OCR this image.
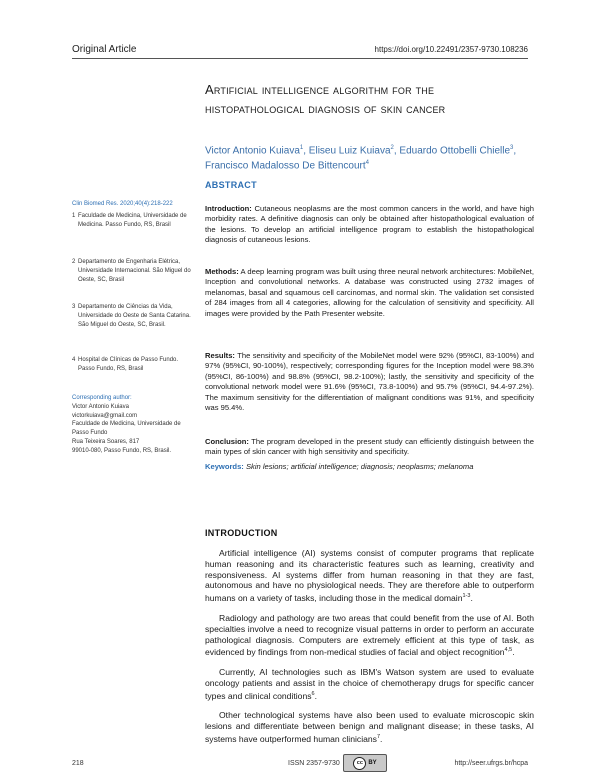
Original Article	https://doi.org/10.22491/2357-9730.108236
Artificial intelligence algorithm for the histopathological diagnosis of skin cancer
Victor Antonio Kuiava$^1$, Eliseu Luiz Kuiava$^2$, Eduardo Ottobelli Chielle$^3$, Francisco Madalosso De Bittencourt$^4$
ABSTRACT
Introduction: Cutaneous neoplasms are the most common cancers in the world, and have high morbidity rates. A definitive diagnosis can only be obtained after histopathological evaluation of the lesions. To develop an artificial intelligence program to establish the histopathological diagnosis of cutaneous lesions.
Methods: A deep learning program was built using three neural network architectures: MobileNet, Inception and convolutional networks. A database was constructed using 2732 images of melanomas, basal and squamous cell carcinomas, and normal skin. The validation set consisted of 284 images from all 4 categories, allowing for the calculation of sensitivity and specificity. All images were provided by the Path Presenter website.
Results: The sensitivity and specificity of the MobileNet model were 92% (95%CI, 83-100%) and 97% (95%CI, 90-100%), respectively; corresponding figures for the Inception model were 98.3% (95%CI, 86-100%) and 98.8% (95%CI, 98.2-100%); lastly, the sensitivity and specificity of the convolutional network model were 91.6% (95%CI, 73.8-100%) and 95.7% (95%CI, 94.4-97.2%). The maximum sensitivity for the differentiation of malignant conditions was 91%, and specificity was 95.4%.
Conclusion: The program developed in the present study can efficiently distinguish between the main types of skin cancer with high sensitivity and specificity.
Keywords: Skin lesions; artificial intelligence; diagnosis; neoplasms; melanoma
Clin Biomed Res. 2020;40(4):218-222
1 Faculdade de Medicina, Universidade de Medicina. Passo Fundo, RS, Brasil
2 Departamento de Engenharia Elétrica, Universidade Internacional. São Miguel do Oeste, SC, Brasil
3 Departamento de Ciências da Vida, Universidade do Oeste de Santa Catarina. São Miguel do Oeste, SC, Brasil.
4 Hospital de Clínicas de Passo Fundo. Passo Fundo, RS, Brasil
Corresponding author:
Victor Antonio Kuiava
victorkuiava@gmail.com
Faculdade de Medicina, Universidade de Passo Fundo
Rua Teixeira Soares, 817
99010-080, Passo Fundo, RS, Brasil.
INTRODUCTION
Artificial intelligence (AI) systems consist of computer programs that replicate human reasoning and its characteristic features such as learning, creativity and responsiveness. AI systems differ from human reasoning in that they are fast, autonomous and have no physiological needs. They are therefore able to outperform humans on a variety of tasks, including those in the medical domain$^{1-3}$.
Radiology and pathology are two areas that could benefit from the use of AI. Both specialties involve a need to recognize visual patterns in order to perform an accurate pathological diagnosis. Computers are extremely efficient at this type of task, as evidenced by findings from non-medical studies of facial and object recognition$^{4,5}$.
Currently, AI technologies such as IBM's Watson system are used to evaluate oncology patients and assist in the choice of chemotherapy drugs for specific cancer types and clinical conditions$^6$.
Other technological systems have also been used to evaluate microscopic skin lesions and differentiate between benign and malignant disease; in these tasks, AI systems have outperformed human clinicians$^7$.
218	ISSN 2357-9730	cc BY	http://seer.ufrgs.br/hcpa
